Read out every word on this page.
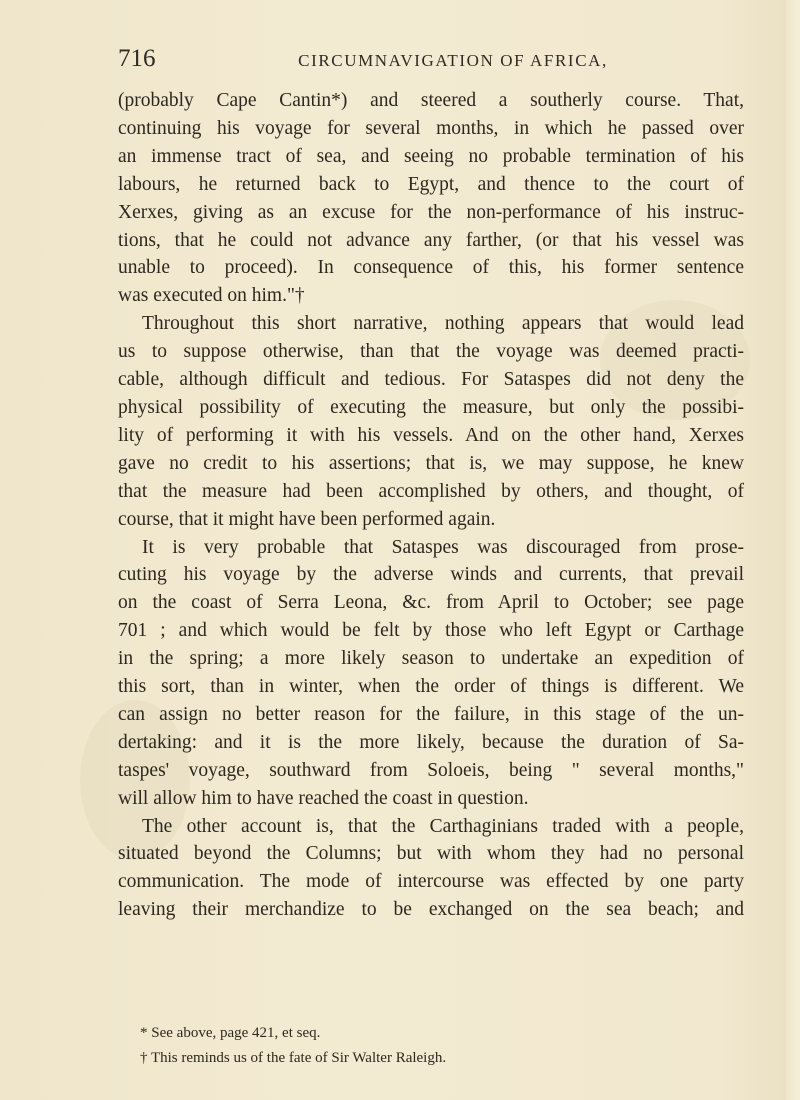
716	CIRCUMNAVIGATION OF AFRICA,
(probably Cape Cantin*) and steered a southerly course. That,
continuing his voyage for several months, in which he passed over
an immense tract of sea, and seeing no probable termination of his
labours, he returned back to Egypt, and thence to the court of
Xerxes, giving as an excuse for the non-performance of his instruc-
tions, that he could not advance any farther, (or that his vessel was
unable to proceed). In consequence of this, his former sentence
was executed on him."†
Throughout this short narrative, nothing appears that would lead
us to suppose otherwise, than that the voyage was deemed practi-
cable, although difficult and tedious. For Sataspes did not deny the
physical possibility of executing the measure, but only the possibi-
lity of performing it with his vessels. And on the other hand, Xerxes
gave no credit to his assertions; that is, we may suppose, he knew
that the measure had been accomplished by others, and thought, of
course, that it might have been performed again.
It is very probable that Sataspes was discouraged from prose-
cuting his voyage by the adverse winds and currents, that prevail
on the coast of Serra Leona, &c. from April to October; see page
701 ; and which would be felt by those who left Egypt or Carthage
in the spring; a more likely season to undertake an expedition of
this sort, than in winter, when the order of things is different. We
can assign no better reason for the failure, in this stage of the un-
dertaking: and it is the more likely, because the duration of Sa-
taspes' voyage, southward from Soloeis, being " several months,"
will allow him to have reached the coast in question.
The other account is, that the Carthaginians traded with a people,
situated beyond the Columns; but with whom they had no personal
communication. The mode of intercourse was effected by one party
leaving their merchandize to be exchanged on the sea beach; and
* See above, page 421, et seq.
† This reminds us of the fate of Sir Walter Raleigh.
